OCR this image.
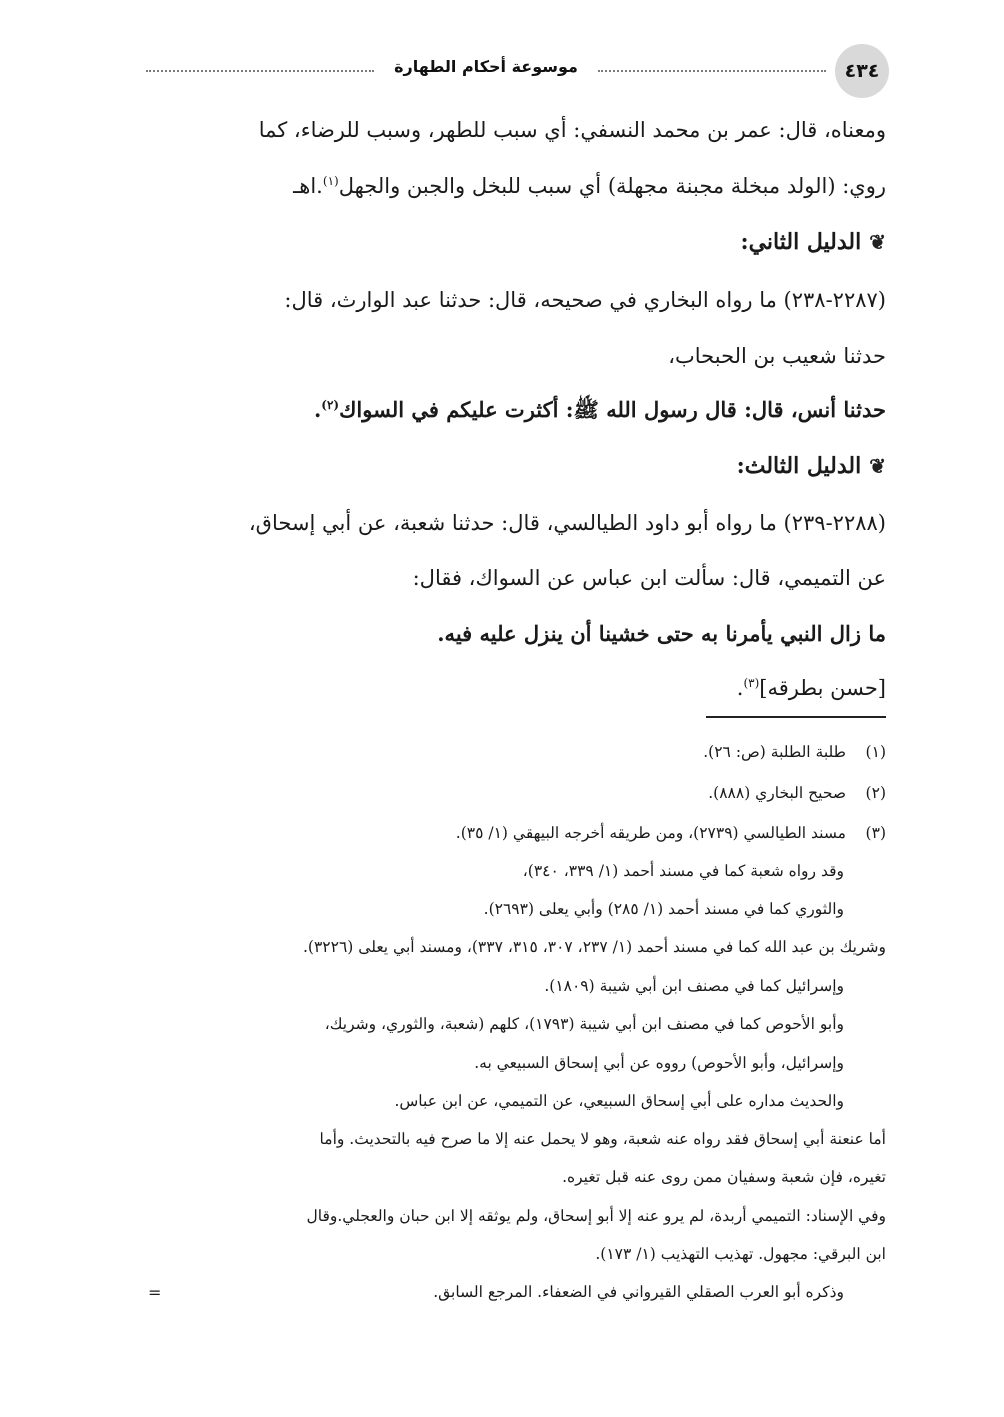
٤٣٤
موسوعة أحكام الطهارة
ومعناه، قال: عمر بن محمد النسفي: أي سبب للطهر، وسبب للرضاء، كما
روي: (الولد مبخلة مجبنة مجهلة) أي سبب للبخل والجبن والجهل$^{(١)}$.اهـ
❦الدليل الثاني:
(٢٢٨٧-٢٣٨) ما رواه البخاري في صحيحه، قال: حدثنا عبد الوارث، قال:
حدثنا شعيب بن الحبحاب،
حدثنا أنس، قال: قال رسول الله ﷺ: أكثرت عليكم في السواك$^{(٢)}$.
❦الدليل الثالث:
(٢٢٨٨-٢٣٩) ما رواه أبو داود الطيالسي، قال: حدثنا شعبة، عن أبي إسحاق،
عن التميمي، قال: سألت ابن عباس عن السواك، فقال:
ما زال النبي يأمرنا به حتى خشينا أن ينزل عليه فيه.
[حسن بطرقه]$^{(٣)}$.
(١)طلبة الطلبة (ص: ٢٦).
(٢)صحيح البخاري (٨٨٨).
(٣)مسند الطيالسي (٢٧٣٩)، ومن طريقه أخرجه البيهقي (١/ ٣٥).
وقد رواه شعبة كما في مسند أحمد (١/ ٣٣٩، ٣٤٠)،
والثوري كما في مسند أحمد (١/ ٢٨٥) وأبي يعلى (٢٦٩٣).
وشريك بن عبد الله كما في مسند أحمد (١/ ٢٣٧، ٣٠٧، ٣١٥، ٣٣٧)، ومسند أبي يعلى (٣٢٢٦).
وإسرائيل كما في مصنف ابن أبي شيبة (١٨٠٩).
وأبو الأحوص كما في مصنف ابن أبي شيبة (١٧٩٣)، كلهم (شعبة، والثوري، وشريك،
وإسرائيل، وأبو الأحوص) رووه عن أبي إسحاق السبيعي به.
والحديث مداره على أبي إسحاق السبيعي، عن التميمي، عن ابن عباس.
أما عنعنة أبي إسحاق فقد رواه عنه شعبة، وهو لا يحمل عنه إلا ما صرح فيه بالتحديث. وأما
تغيره، فإن شعبة وسفيان ممن روى عنه قبل تغيره.
وفي الإسناد: التميمي أربدة، لم يرو عنه إلا أبو إسحاق، ولم يوثقه إلا ابن حبان والعجلي.وقال
ابن البرقي: مجهول. تهذيب التهذيب (١/ ١٧٣).
وذكره أبو العرب الصقلي القيرواني في الضعفاء. المرجع السابق.
=
